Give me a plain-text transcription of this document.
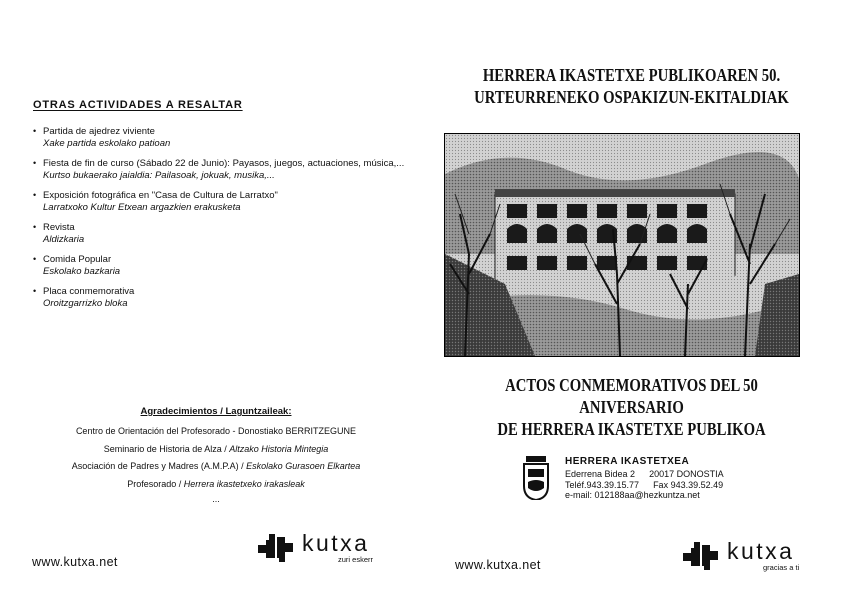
OTRAS ACTIVIDADES A RESALTAR
• Partida de ajedrez viviente
Xake partida eskolako patioan
• Fiesta de fin de curso (Sábado 22 de Junio): Payasos, juegos, actuaciones, música,...
Kurtso bukaerako jaialdia: Pailasoak, jokuak, musika,...
• Exposición fotográfica en "Casa de Cultura de Larratxo"
Larratxoko Kultur Etxean argazkien erakusketa
• Revista
Aldizkaria
• Comida Popular
Eskolako bazkaria
• Placa conmemorativa
Oroitzgarrizko bloka
Agradecimientos / Laguntzaileak:
Centro de Orientación del Profesorado - Donostiako BERRITZEGUNE
Seminario de Historia de Alza / Altzako Historia Mintegia
Asociación de Padres y Madres (A.M.P.A) / Eskolako Gurasoen Elkartea
Profesorado / Herrera ikastetxeko irakasleak
...
www.kutxa.net
kutxa
zuri eskerr
HERRERA IKASTETXE PUBLIKOAREN 50.
URTEURRENEKO OSPAKIZUN-EKITALDIAK
ACTOS CONMEMORATIVOS DEL 50 ANIVERSARIO
DE HERRERA IKASTETXE PUBLIKOA
www.kutxa.net
kutxa
gracias a ti
HERRERA IKASTETXEA
Ederrena Bidea 2 20017 DONOSTIA
Teléf.943.39.15.77 Fax 943.39.52.49
e-mail: 012188aa@hezkuntza.net
